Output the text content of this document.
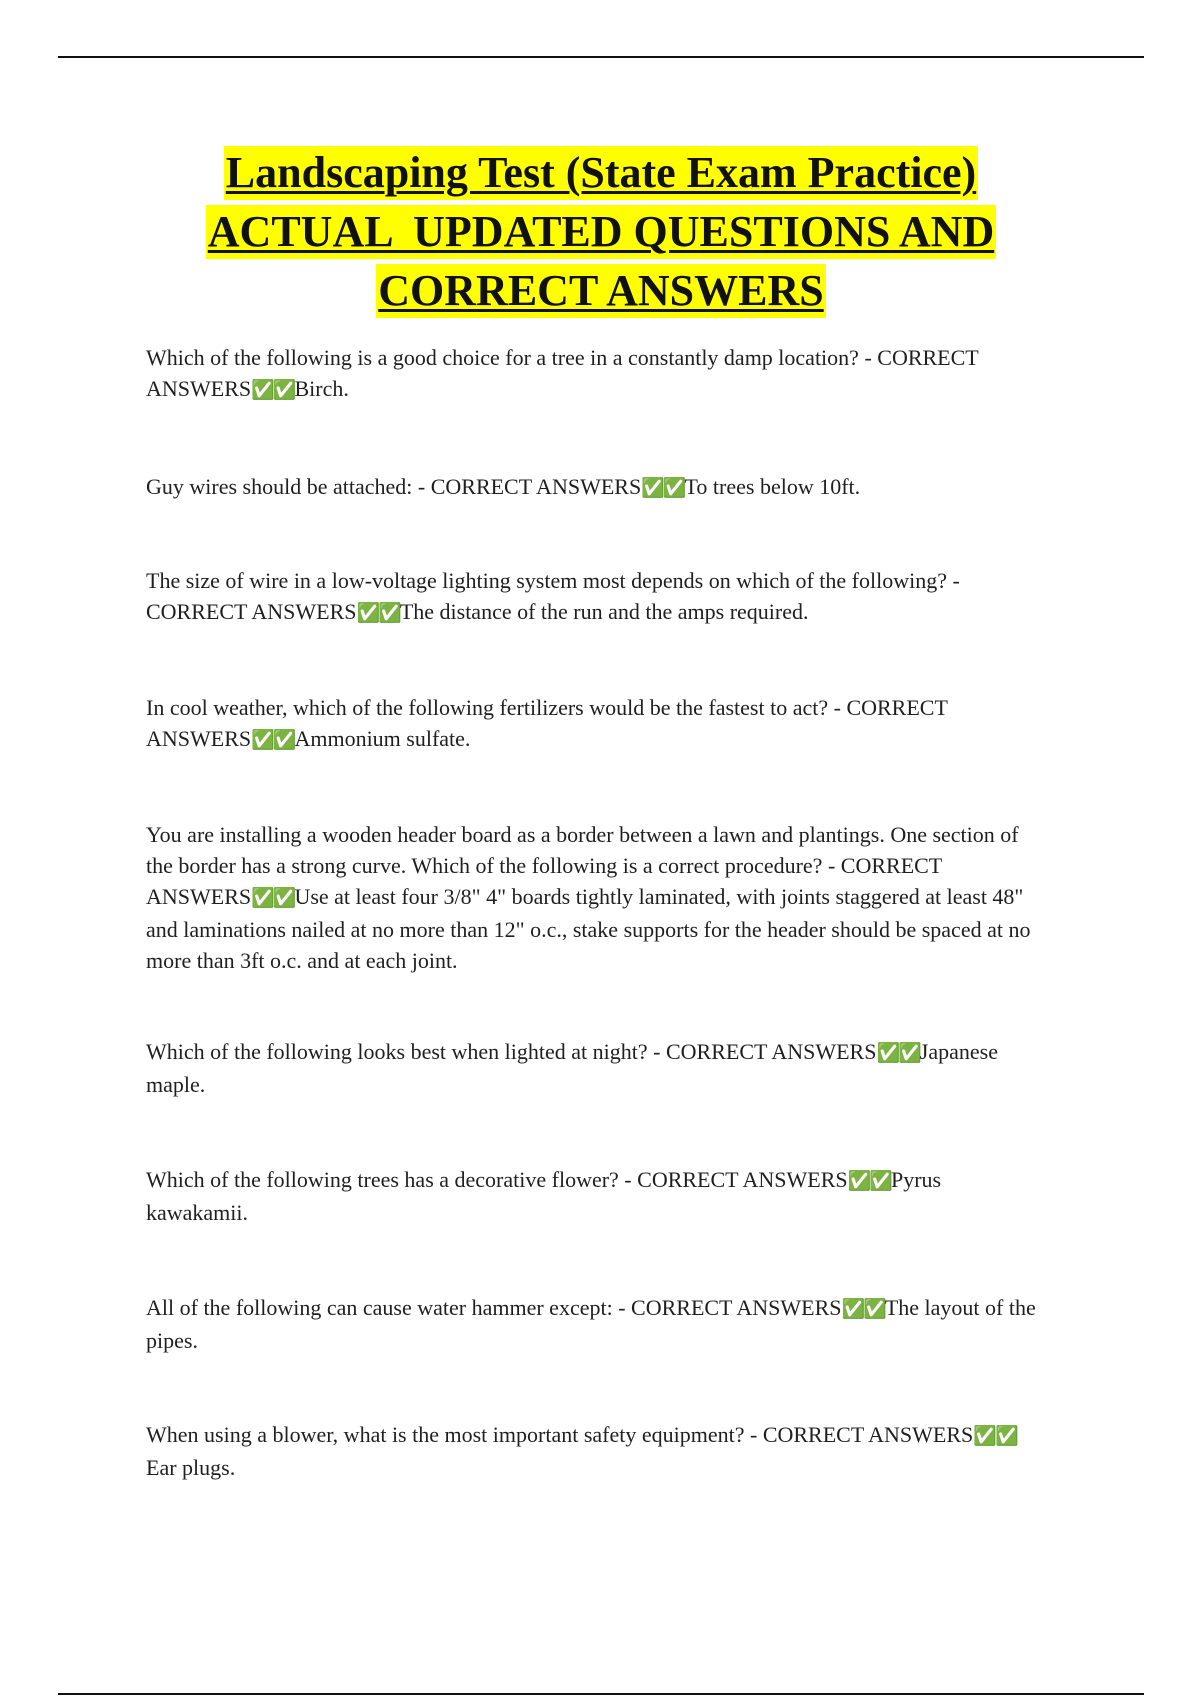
Landscaping Test (State Exam Practice)
ACTUAL  UPDATED QUESTIONS AND
CORRECT ANSWERS
Which of the following is a good choice for a tree in a constantly damp location? - CORRECT ANSWERS✅✅Birch.
Guy wires should be attached: - CORRECT ANSWERS✅✅To trees below 10ft.
The size of wire in a low-voltage lighting system most depends on which of the following? - CORRECT ANSWERS✅✅The distance of the run and the amps required.
In cool weather, which of the following fertilizers would be the fastest to act? - CORRECT ANSWERS✅✅Ammonium sulfate.
You are installing a wooden header board as a border between a lawn and plantings. One section of the border has a strong curve. Which of the following is a correct procedure? - CORRECT ANSWERS✅✅Use at least four 3/8" 4" boards tightly laminated, with joints staggered at least 48" and laminations nailed at no more than 12" o.c., stake supports for the header should be spaced at no more than 3ft o.c. and at each joint.
Which of the following looks best when lighted at night? - CORRECT ANSWERS✅✅Japanese maple.
Which of the following trees has a decorative flower? - CORRECT ANSWERS✅✅Pyrus kawakamii.
All of the following can cause water hammer except: - CORRECT ANSWERS✅✅The layout of the pipes.
When using a blower, what is the most important safety equipment? - CORRECT ANSWERS✅✅Ear plugs.
